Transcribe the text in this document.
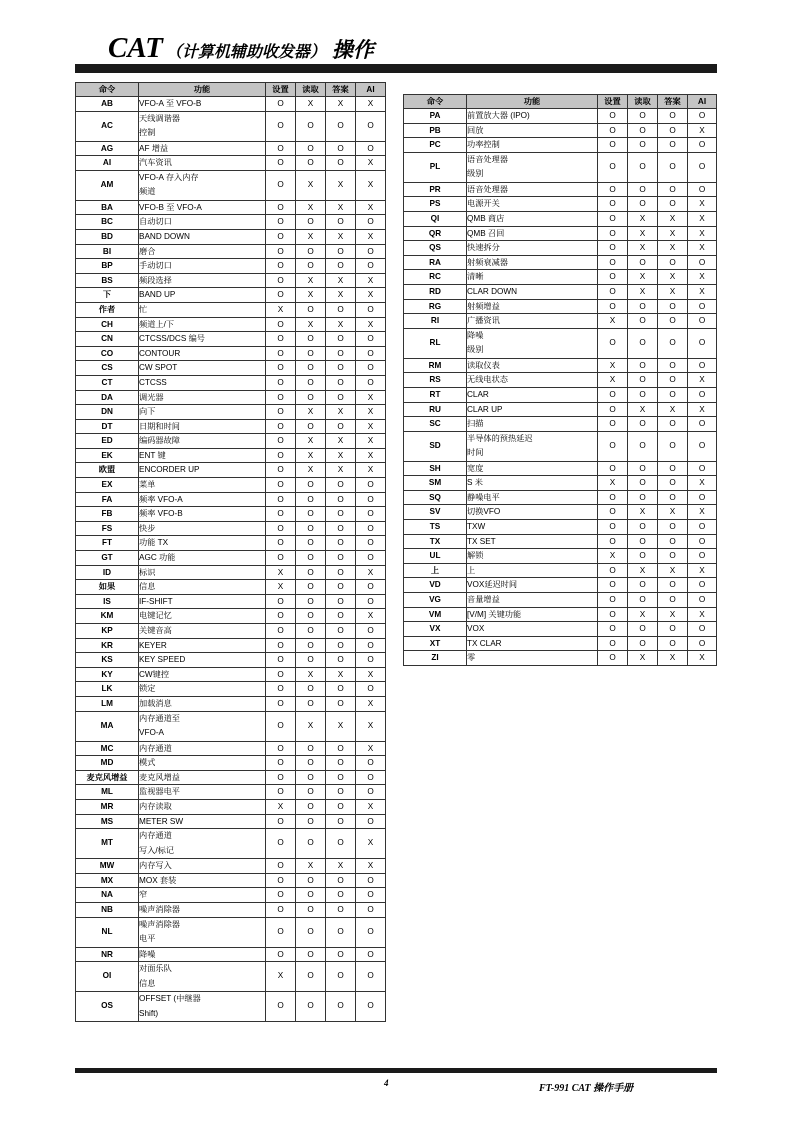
CAT （计算机辅助收发器） 操作
命令	功能	设置	读取	答案	AI
AB	VFO-A 至 VFO-B	O	X	X	X
AC	天线调谐器
控制	O	O	O	O
AG	AF 增益	O	O	O	O
AI	汽车资讯	O	O	O	X
AM	VFO-A 存入内存
频道	O	X	X	X
BA	VFO-B 至 VFO-A	O	X	X	X
BC	自动切口	O	O	O	O
BD	BAND DOWN	O	X	X	X
BI	磨合	O	O	O	O
BP	手动切口	O	O	O	O
BS	频段选择	O	X	X	X
下	BAND UP	O	X	X	X
作者	忙	X	O	O	O
CH	频道上/下	O	X	X	X
CN	CTCSS/DCS 编号	O	O	O	O
CO	CONTOUR	O	O	O	O
CS	CW SPOT	O	O	O	O
CT	CTCSS	O	O	O	O
DA	调光器	O	O	O	X
DN	向下	O	X	X	X
DT	日期和时间	O	O	O	X
ED	编码器故障	O	X	X	X
EK	ENT 键	O	X	X	X
欧盟	ENCORDER UP	O	X	X	X
EX	菜单	O	O	O	O
FA	频率 VFO-A	O	O	O	O
FB	频率 VFO-B	O	O	O	O
FS	快步	O	O	O	O
FT	功能 TX	O	O	O	O
GT	AGC 功能	O	O	O	O
ID	标识	X	O	O	X
如果	信息	X	O	O	O
IS	IF-SHIFT	O	O	O	O
KM	电键记忆	O	O	O	X
KP	关键音高	O	O	O	O
KR	KEYER	O	O	O	O
KS	KEY SPEED	O	O	O	O
KY	CW键控	O	X	X	X
LK	锁定	O	O	O	O
LM	加载消息	O	O	O	X
MA	内存通道至
VFO-A	O	X	X	X
MC	内存通道	O	O	O	X
MD	模式	O	O	O	O
麦克风增益	麦克风增益	O	O	O	O
ML	监视器电平	O	O	O	O
MR	内存读取	X	O	O	X
MS	METER SW	O	O	O	O
MT	内存通道
写入/标记	O	O	O	X
MW	内存写入	O	X	X	X
MX	MOX 套装	O	O	O	O
NA	窄	O	O	O	O
NB	噪声消除器	O	O	O	O
NL	噪声消除器
电平	O	O	O	O
NR	降噪	O	O	O	O
OI	对面乐队
信息	X	O	O	O
OS	OFFSET (中继器
Shift)	O	O	O	O
命令	功能	设置	读取	答案	AI
PA	前置放大器 (IPO)	O	O	O	O
PB	回放	O	O	O	X
PC	功率控制	O	O	O	O
PL	语音处理器
级别	O	O	O	O
PR	语音处理器	O	O	O	O
PS	电源开关	O	O	O	X
QI	QMB 商店	O	X	X	X
QR	QMB 召回	O	X	X	X
QS	快速拆分	O	X	X	X
RA	射频衰减器	O	O	O	O
RC	清晰	O	X	X	X
RD	CLAR DOWN	O	X	X	X
RG	射频增益	O	O	O	O
RI	广播资讯	X	O	O	O
RL	降噪
级别	O	O	O	O
RM	读取仪表	X	O	O	O
RS	无线电状态	X	O	O	X
RT	CLAR	O	O	O	O
RU	CLAR UP	O	X	X	X
SC	扫描	O	O	O	O
SD	半导体的预热延迟
时间	O	O	O	O
SH	宽度	O	O	O	O
SM	S 米	X	O	O	X
SQ	静噪电平	O	O	O	O
SV	切换VFO	O	X	X	X
TS	TXW	O	O	O	O
TX	TX SET	O	O	O	O
UL	解锁	X	O	O	O
上	上	O	X	X	X
VD	VOX延迟时间	O	O	O	O
VG	音量增益	O	O	O	O
VM	[V/M] 关键功能	O	X	X	X
VX	VOX	O	O	O	O
XT	TX CLAR	O	O	O	O
ZI	零	O	X	X	X
4	FT-991 CAT 操作手册
